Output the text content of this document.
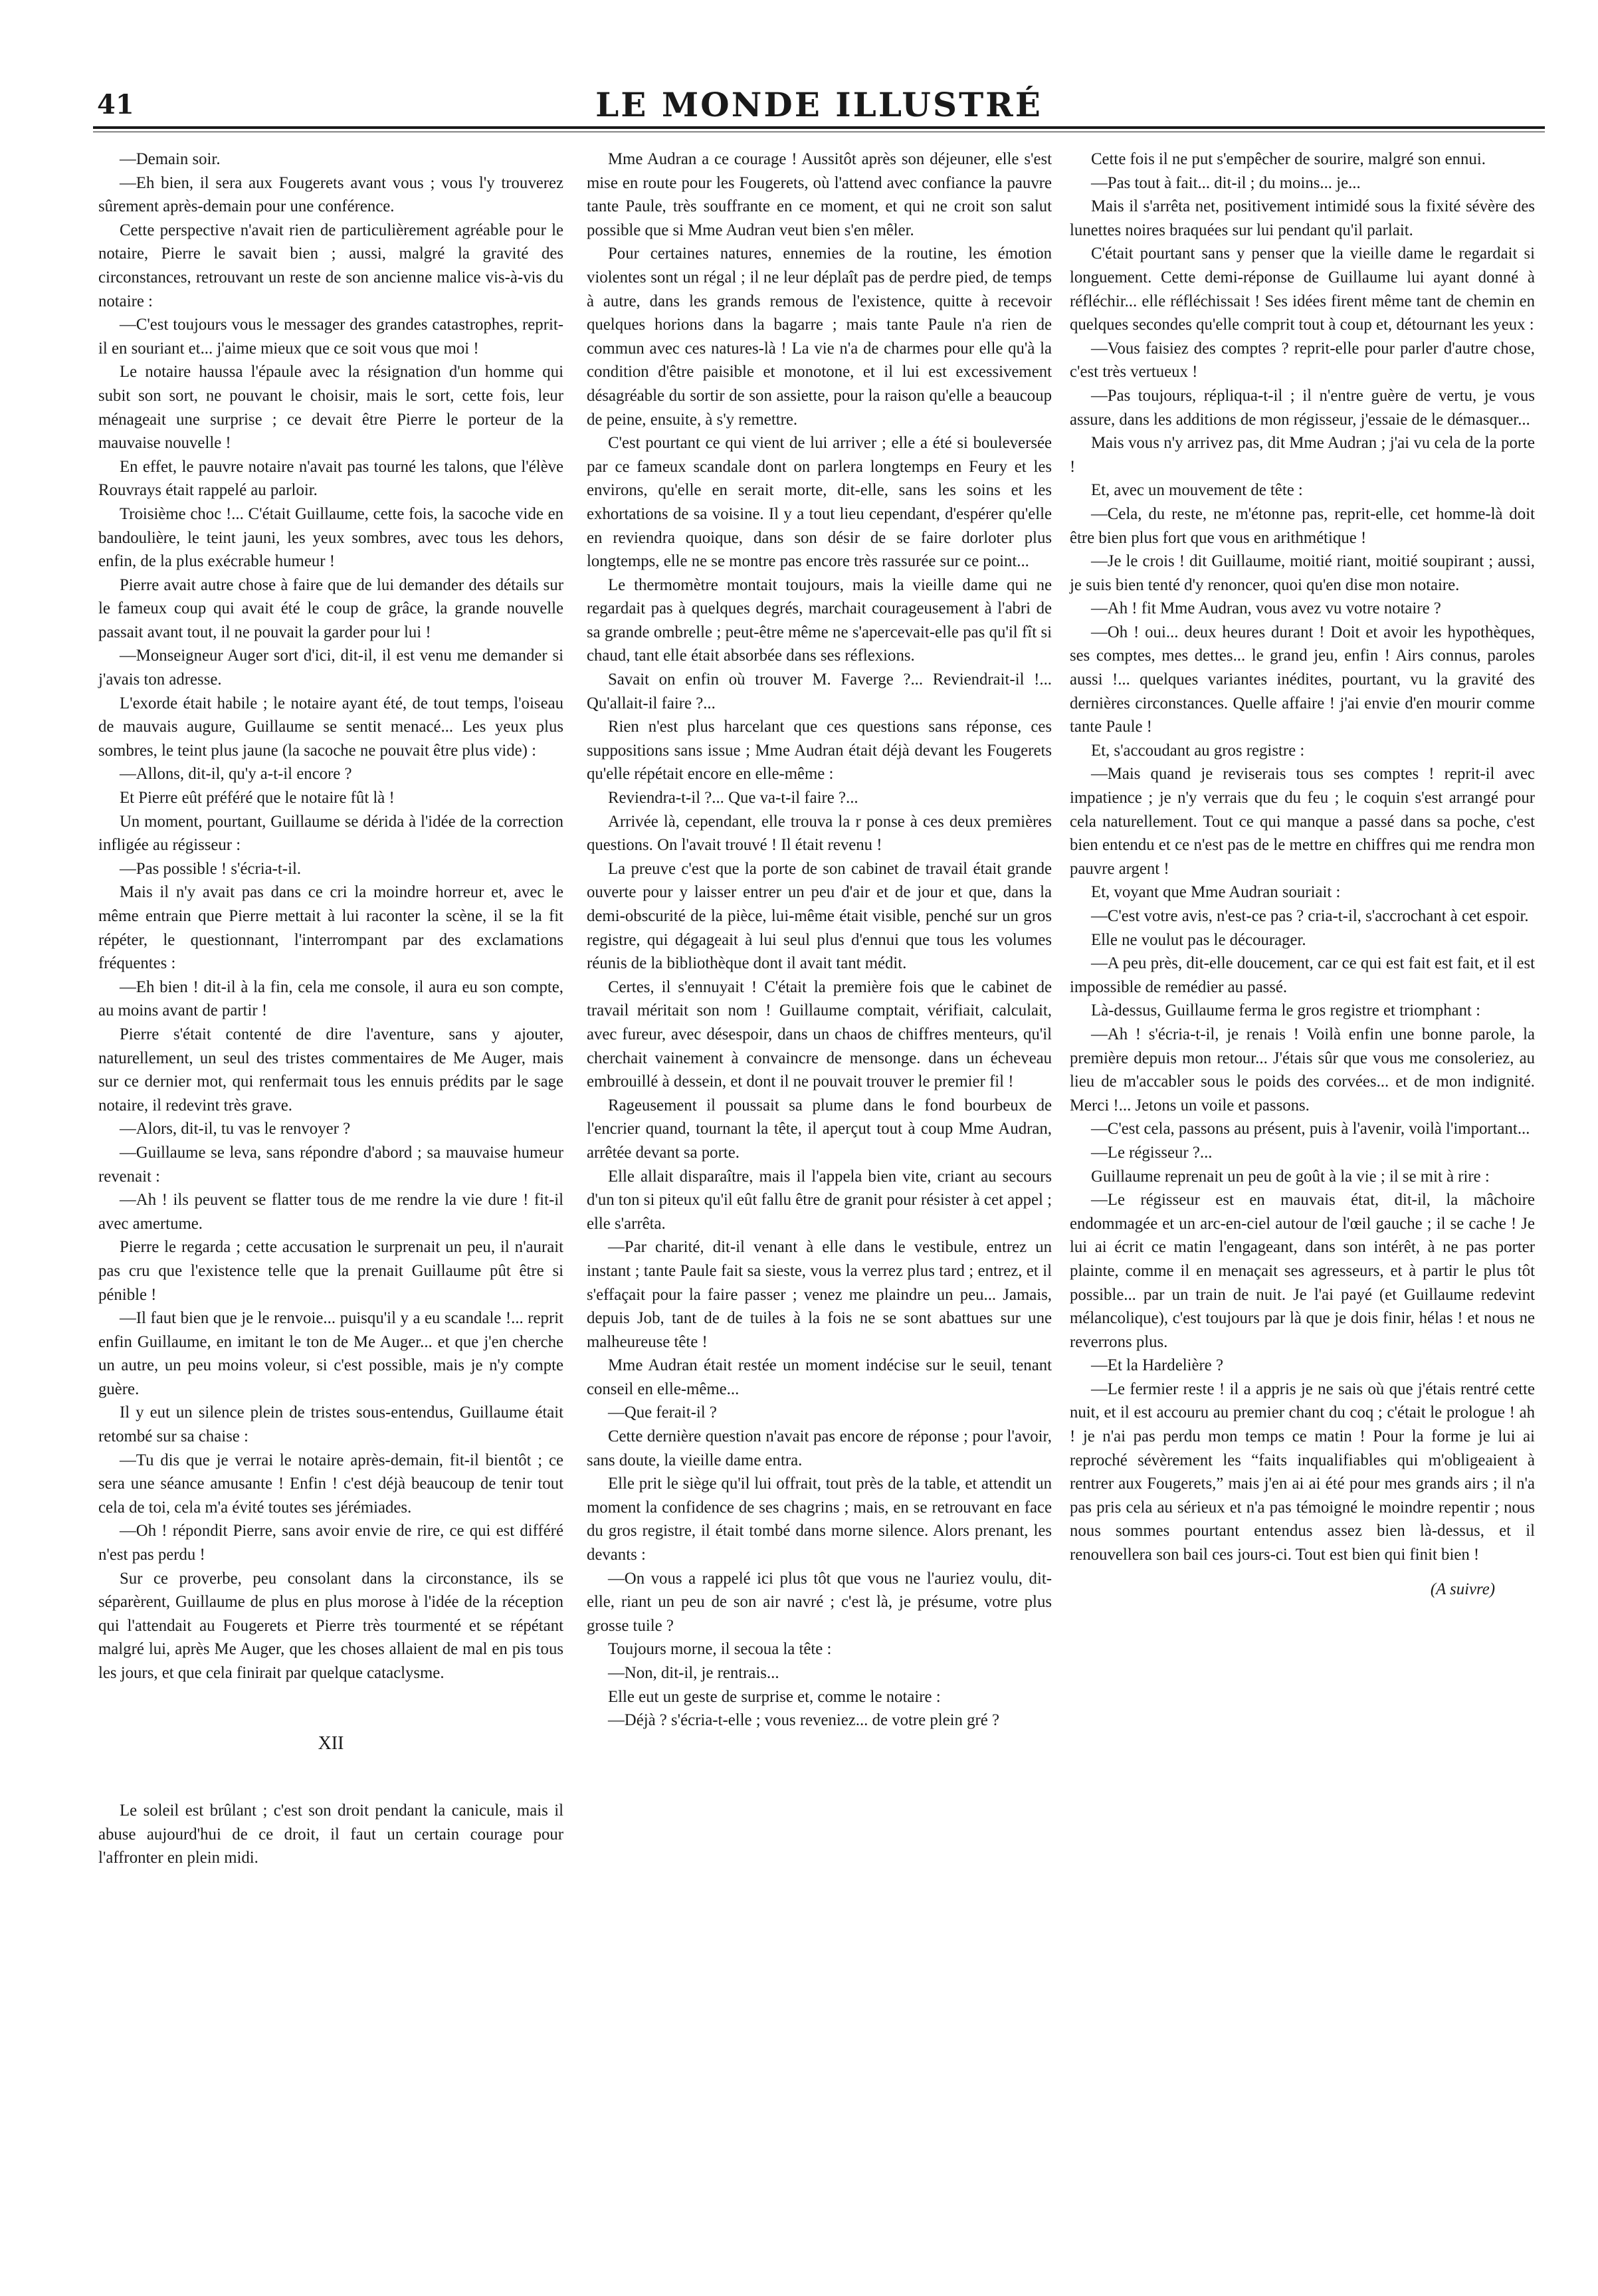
41	LE MONDE ILLUSTRÉ

—Demain soir.

—Eh bien, il sera aux Fougerets avant vous ; vous l'y trouverez sûrement après-demain pour une conférence.

Cette perspective n'avait rien de particulièrement agréable pour le notaire, Pierre le savait bien ; aussi, malgré la gravité des circonstances, retrouvant un reste de son ancienne malice vis-à-vis du notaire :

—C'est toujours vous le messager des grandes catastrophes, reprit-il en souriant et... j'aime mieux que ce soit vous que moi !

Le notaire haussa l'épaule avec la résignation d'un homme qui subit son sort, ne pouvant le choisir, mais le sort, cette fois, leur ménageait une surprise ; ce devait être Pierre le porteur de la mauvaise nouvelle !

En effet, le pauvre notaire n'avait pas tourné les talons, que l'élève Rouvrays était rappelé au parloir.

Troisième choc !... C'était Guillaume, cette fois, la sacoche vide en bandoulière, le teint jauni, les yeux sombres, avec tous les dehors, enfin, de la plus exécrable humeur !

Pierre avait autre chose à faire que de lui demander des détails sur le fameux coup qui avait été le coup de grâce, la grande nouvelle passait avant tout, il ne pouvait la garder pour lui !

—Monseigneur Auger sort d'ici, dit-il, il est venu me demander si j'avais ton adresse.

L'exorde était habile ; le notaire ayant été, de tout temps, l'oiseau de mauvais augure, Guillaume se sentit menacé... Les yeux plus sombres, le teint plus jaune (la sacoche ne pouvait être plus vide) :

—Allons, dit-il, qu'y a-t-il encore ?

Et Pierre eût préféré que le notaire fût là !

Un moment, pourtant, Guillaume se dérida à l'idée de la correction infligée au régisseur :

—Pas possible ! s'écria-t-il.

Mais il n'y avait pas dans ce cri la moindre horreur et, avec le même entrain que Pierre mettait à lui raconter la scène, il se la fit répéter, le questionnant, l'interrompant par des exclamations fréquentes :

—Eh bien ! dit-il à la fin, cela me console, il aura eu son compte, au moins avant de partir !

Pierre s'était contenté de dire l'aventure, sans y ajouter, naturellement, un seul des tristes commentaires de Me Auger, mais sur ce dernier mot, qui renfermait tous les ennuis prédits par le sage notaire, il redevint très grave.

—Alors, dit-il, tu vas le renvoyer ?

—Guillaume se leva, sans répondre d'abord ; sa mauvaise humeur revenait :

—Ah ! ils peuvent se flatter tous de me rendre la vie dure ! fit-il avec amertume.

Pierre le regarda ; cette accusation le surprenait un peu, il n'aurait pas cru que l'existence telle que la prenait Guillaume pût être si pénible !

—Il faut bien que je le renvoie... puisqu'il y a eu scandale !... reprit enfin Guillaume, en imitant le ton de Me Auger... et que j'en cherche un autre, un peu moins voleur, si c'est possible, mais je n'y compte guère.

Il y eut un silence plein de tristes sous-entendus, Guillaume était retombé sur sa chaise :

—Tu dis que je verrai le notaire après-demain, fit-il bientôt ; ce sera une séance amusante ! Enfin ! c'est déjà beaucoup de tenir tout cela de toi, cela m'a évité toutes ses jérémiades.

—Oh ! répondit Pierre, sans avoir envie de rire, ce qui est différé n'est pas perdu !

Sur ce proverbe, peu consolant dans la circonstance, ils se séparèrent, Guillaume de plus en plus morose à l'idée de la réception qui l'attendait au Fougerets et Pierre très tourmenté et se répétant malgré lui, après Me Auger, que les choses allaient de mal en pis tous les jours, et que cela finirait par quelque cataclysme.

XII

Le soleil est brûlant ; c'est son droit pendant la canicule, mais il abuse aujourd'hui de ce droit, il faut un certain courage pour l'affronter en plein midi.

Mme Audran a ce courage ! Aussitôt après son déjeuner, elle s'est mise en route pour les Fougerets, où l'attend avec confiance la pauvre tante Paule, très souffrante en ce moment, et qui ne croit son salut possible que si Mme Audran veut bien s'en mêler.

Pour certaines natures, ennemies de la routine, les émotion violentes sont un régal ; il ne leur déplaît pas de perdre pied, de temps à autre, dans les grands remous de l'existence, quitte à recevoir quelques horions dans la bagarre ; mais tante Paule n'a rien de commun avec ces natures-là ! La vie n'a de charmes pour elle qu'à la condition d'être paisible et monotone, et il lui est excessivement désagréable du sortir de son assiette, pour la raison qu'elle a beaucoup de peine, ensuite, à s'y remettre.

C'est pourtant ce qui vient de lui arriver ; elle a été si bouleversée par ce fameux scandale dont on parlera longtemps en Feury et les environs, qu'elle en serait morte, dit-elle, sans les soins et les exhortations de sa voisine. Il y a tout lieu cependant, d'espérer qu'elle en reviendra quoique, dans son désir de se faire dorloter plus longtemps, elle ne se montre pas encore très rassurée sur ce point...

Le thermomètre montait toujours, mais la vieille dame qui ne regardait pas à quelques degrés, marchait courageusement à l'abri de sa grande ombrelle ; peut-être même ne s'apercevait-elle pas qu'il fît si chaud, tant elle était absorbée dans ses réflexions.

Savait on enfin où trouver M. Faverge ?... Reviendrait-il !... Qu'allait-il faire ?...

Rien n'est plus harcelant que ces questions sans réponse, ces suppositions sans issue ; Mme Audran était déjà devant les Fougerets qu'elle répétait encore en elle-même :

Reviendra-t-il ?... Que va-t-il faire ?...

Arrivée là, cependant, elle trouva la r ponse à ces deux premières questions. On l'avait trouvé ! Il était revenu !

La preuve c'est que la porte de son cabinet de travail était grande ouverte pour y laisser entrer un peu d'air et de jour et que, dans la demi-obscurité de la pièce, lui-même était visible, penché sur un gros registre, qui dégageait à lui seul plus d'ennui que tous les volumes réunis de la bibliothèque dont il avait tant médit.

Certes, il s'ennuyait ! C'était la première fois que le cabinet de travail méritait son nom ! Guillaume comptait, vérifiait, calculait, avec fureur, avec désespoir, dans un chaos de chiffres menteurs, qu'il cherchait vainement à convaincre de mensonge. dans un écheveau embrouillé à dessein, et dont il ne pouvait trouver le premier fil !

Rageusement il poussait sa plume dans le fond bourbeux de l'encrier quand, tournant la tête, il aperçut tout à coup Mme Audran, arrêtée devant sa porte.

Elle allait disparaître, mais il l'appela bien vite, criant au secours d'un ton si piteux qu'il eût fallu être de granit pour résister à cet appel ; elle s'arrêta.

—Par charité, dit-il venant à elle dans le vestibule, entrez un instant ; tante Paule fait sa sieste, vous la verrez plus tard ; entrez, et il s'effaçait pour la faire passer ; venez me plaindre un peu... Jamais, depuis Job, tant de de tuiles à la fois ne se sont abattues sur une malheureuse tête !

Mme Audran était restée un moment indécise sur le seuil, tenant conseil en elle-même...

—Que ferait-il ?

Cette dernière question n'avait pas encore de réponse ; pour l'avoir, sans doute, la vieille dame entra.

Elle prit le siège qu'il lui offrait, tout près de la table, et attendit un moment la confidence de ses chagrins ; mais, en se retrouvant en face du gros registre, il était tombé dans morne silence. Alors prenant, les devants :

—On vous a rappelé ici plus tôt que vous ne l'auriez voulu, dit-elle, riant un peu de son air navré ; c'est là, je présume, votre plus grosse tuile ?

Toujours morne, il secoua la tête :

—Non, dit-il, je rentrais...

Elle eut un geste de surprise et, comme le notaire :

—Déjà ? s'écria-t-elle ; vous reveniez... de votre plein gré ?

Cette fois il ne put s'empêcher de sourire, malgré son ennui.

—Pas tout à fait... dit-il ; du moins... je...

Mais il s'arrêta net, positivement intimidé sous la fixité sévère des lunettes noires braquées sur lui pendant qu'il parlait.

C'était pourtant sans y penser que la vieille dame le regardait si longuement. Cette demi-réponse de Guillaume lui ayant donné à réfléchir... elle réfléchissait ! Ses idées firent même tant de chemin en quelques secondes qu'elle comprit tout à coup et, détournant les yeux :

—Vous faisiez des comptes ? reprit-elle pour parler d'autre chose, c'est très vertueux !

—Pas toujours, répliqua-t-il ; il n'entre guère de vertu, je vous assure, dans les additions de mon régisseur, j'essaie de le démasquer...

Mais vous n'y arrivez pas, dit Mme Audran ; j'ai vu cela de la porte !

Et, avec un mouvement de tête :

—Cela, du reste, ne m'étonne pas, reprit-elle, cet homme-là doit être bien plus fort que vous en arithmétique !

—Je le crois ! dit Guillaume, moitié riant, moitié soupirant ; aussi, je suis bien tenté d'y renoncer, quoi qu'en dise mon notaire.

—Ah ! fit Mme Audran, vous avez vu votre notaire ?

—Oh ! oui... deux heures durant ! Doit et avoir les hypothèques, ses comptes, mes dettes... le grand jeu, enfin ! Airs connus, paroles aussi !... quelques variantes inédites, pourtant, vu la gravité des dernières circonstances. Quelle affaire ! j'ai envie d'en mourir comme tante Paule !

Et, s'accoudant au gros registre :

—Mais quand je reviserais tous ses comptes ! reprit-il avec impatience ; je n'y verrais que du feu ; le coquin s'est arrangé pour cela naturellement. Tout ce qui manque a passé dans sa poche, c'est bien entendu et ce n'est pas de le mettre en chiffres qui me rendra mon pauvre argent !

Et, voyant que Mme Audran souriait :

—C'est votre avis, n'est-ce pas ? cria-t-il, s'accrochant à cet espoir.

Elle ne voulut pas le décourager.

—A peu près, dit-elle doucement, car ce qui est fait est fait, et il est impossible de remédier au passé.

Là-dessus, Guillaume ferma le gros registre et triomphant :

—Ah ! s'écria-t-il, je renais ! Voilà enfin une bonne parole, la première depuis mon retour... J'étais sûr que vous me consoleriez, au lieu de m'accabler sous le poids des corvées... et de mon indignité. Merci !... Jetons un voile et passons.

—C'est cela, passons au présent, puis à l'avenir, voilà l'important...

—Le régisseur ?...

Guillaume reprenait un peu de goût à la vie ; il se mit à rire :

—Le régisseur est en mauvais état, dit-il, la mâchoire endommagée et un arc-en-ciel autour de l'œil gauche ; il se cache ! Je lui ai écrit ce matin l'engageant, dans son intérêt, à ne pas porter plainte, comme il en menaçait ses agresseurs, et à partir le plus tôt possible... par un train de nuit. Je l'ai payé (et Guillaume redevint mélancolique), c'est toujours par là que je dois finir, hélas ! et nous ne reverrons plus.

—Et la Hardelière ?

—Le fermier reste ! il a appris je ne sais où que j'étais rentré cette nuit, et il est accouru au premier chant du coq ; c'était le prologue ! ah ! je n'ai pas perdu mon temps ce matin ! Pour la forme je lui ai reproché sévèrement les “faits inqualifiables qui m'obligeaient à rentrer aux Fougerets,” mais j'en ai ai été pour mes grands airs ; il n'a pas pris cela au sérieux et n'a pas témoigné le moindre repentir ; nous nous sommes pourtant entendus assez bien là-dessus, et il renouvellera son bail ces jours-ci. Tout est bien qui finit bien !

(A suivre)
